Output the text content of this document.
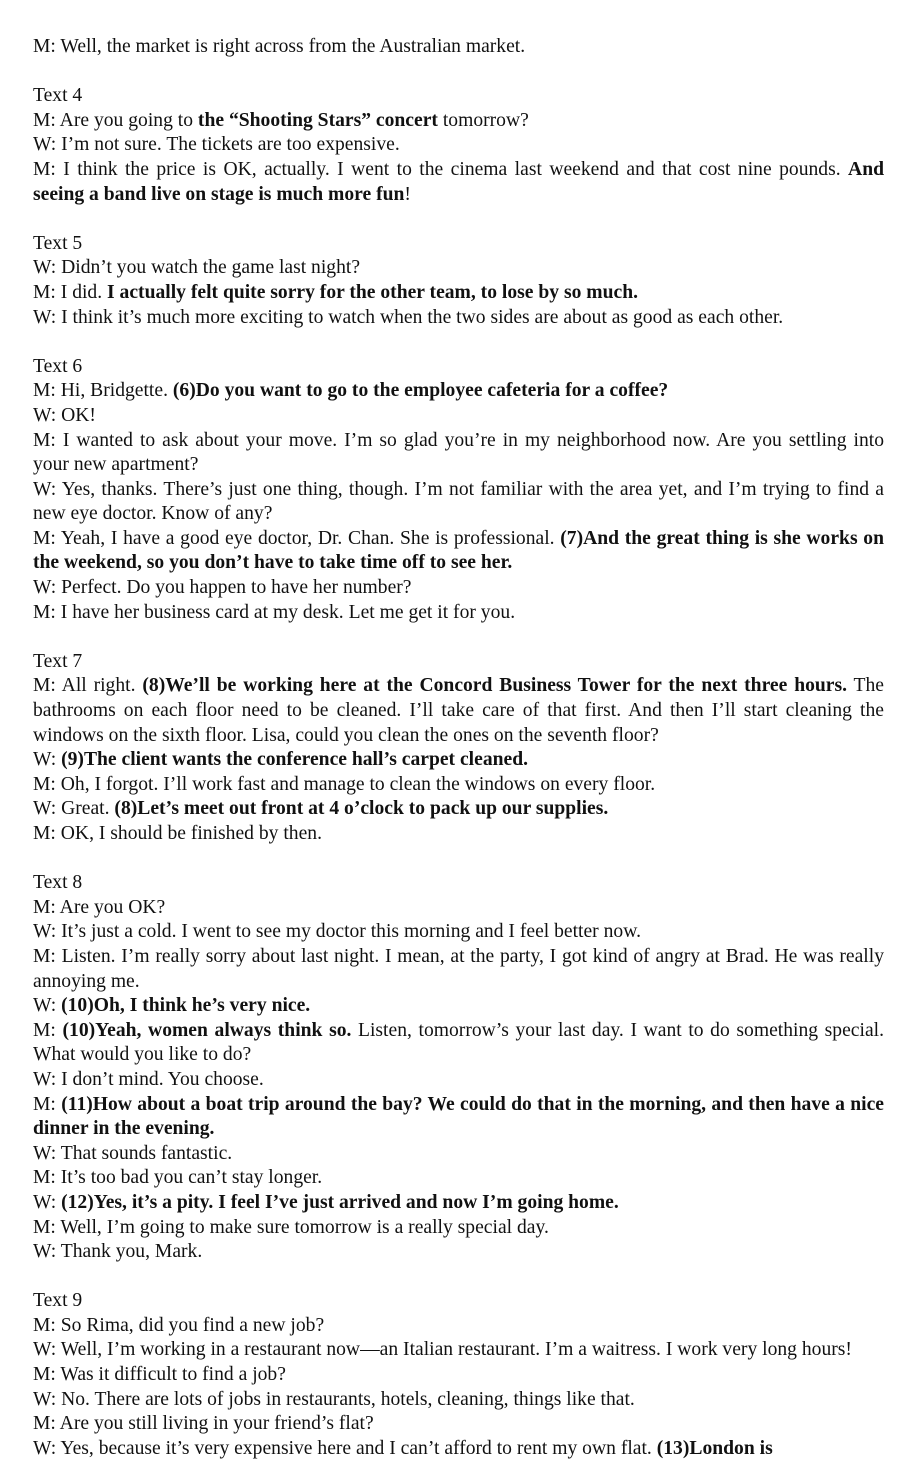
M: Well, the market is right across from the Australian market.

Text 4

M: Are you going to the “Shooting Stars” concert tomorrow?

W: I’m not sure. The tickets are too expensive.

M: I think the price is OK, actually. I went to the cinema last weekend and that cost nine pounds. And seeing a band live on stage is much more fun!

Text 5

W: Didn’t you watch the game last night?

M: I did. I actually felt quite sorry for the other team, to lose by so much.

W: I think it’s much more exciting to watch when the two sides are about as good as each other.

Text 6

M: Hi, Bridgette. (6)Do you want to go to the employee cafeteria for a coffee?

W: OK!

M: I wanted to ask about your move. I’m so glad you’re in my neighborhood now. Are you settling into your new apartment?

W: Yes, thanks. There’s just one thing, though. I’m not familiar with the area yet, and I’m trying to find a new eye doctor. Know of any?

M: Yeah, I have a good eye doctor, Dr. Chan. She is professional. (7)And the great thing is she works on the weekend, so you don’t have to take time off to see her.

W: Perfect. Do you happen to have her number?

M: I have her business card at my desk. Let me get it for you.

Text 7

M: All right. (8)We’ll be working here at the Concord Business Tower for the next three hours. The bathrooms on each floor need to be cleaned. I’ll take care of that first. And then I’ll start cleaning the windows on the sixth floor. Lisa, could you clean the ones on the seventh floor?

W: (9)The client wants the conference hall’s carpet cleaned.

M: Oh, I forgot. I’ll work fast and manage to clean the windows on every floor.

W: Great. (8)Let’s meet out front at 4 o’clock to pack up our supplies.

M: OK, I should be finished by then.

Text 8

M: Are you OK?

W: It’s just a cold. I went to see my doctor this morning and I feel better now.

M: Listen. I’m really sorry about last night. I mean, at the party, I got kind of angry at Brad. He was really annoying me.

W: (10)Oh, I think he’s very nice.

M: (10)Yeah, women always think so. Listen, tomorrow’s your last day. I want to do something special. What would you like to do?

W: I don’t mind. You choose.

M: (11)How about a boat trip around the bay? We could do that in the morning, and then have a nice dinner in the evening.

W: That sounds fantastic.

M: It’s too bad you can’t stay longer.

W: (12)Yes, it’s a pity. I feel I’ve just arrived and now I’m going home.

M: Well, I’m going to make sure tomorrow is a really special day.

W: Thank you, Mark.

Text 9

M: So Rima, did you find a new job?

W: Well, I’m working in a restaurant now—an Italian restaurant. I’m a waitress. I work very long hours!

M: Was it difficult to find a job?

W: No. There are lots of jobs in restaurants, hotels, cleaning, things like that.

M: Are you still living in your friend’s flat?

W: Yes, because it’s very expensive here and I can’t afford to rent my own flat. (13)London is
